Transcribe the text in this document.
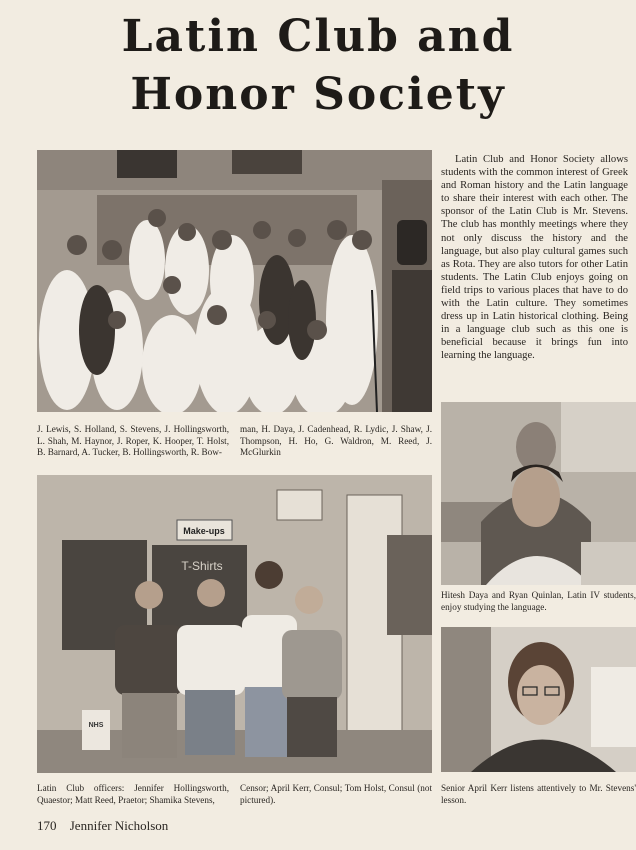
Latin Club and
Honor Society

Latin Club and Honor Society allows students with the common interest of Greek and Roman history and the Latin language to share their interest with each other. The sponsor of the Latin Club is Mr. Stevens. The club has monthly meetings where they not only discuss the history and the language, but also play cultural games such as Rota. They are also tutors for other Latin students. The Latin Club enjoys going on field trips to various places that have to do with the Latin culture. They sometimes dress up in Latin historical clothing. Being in a language club such as this one is beneficial because it brings fun into learning the language.

J. Lewis, S. Holland, S. Stevens, J. Hollingsworth, L. Shah, M. Haynor, J. Roper, K. Hooper, T. Holst, B. Barnard, A. Tucker, B. Hollingsworth, R. Bow-

man, H. Daya, J. Cadenhead, R. Lydic, J. Shaw, J. Thompson, H. Ho, G. Waldron, M. Reed, J. McGlurkin

Hitesh Daya and Ryan Quinlan, Latin IV students, enjoy studying the language.

Make-ups
T-Shirts
NHS

Latin Club officers: Jennifer Hollingsworth, Quaestor; Matt Reed, Praetor; Shamika Stevens,

Censor; April Kerr, Consul; Tom Holst, Consul (not pictured).

Senior April Kerr listens attentively to Mr. Stevens' lesson.

170 Jennifer Nicholson
